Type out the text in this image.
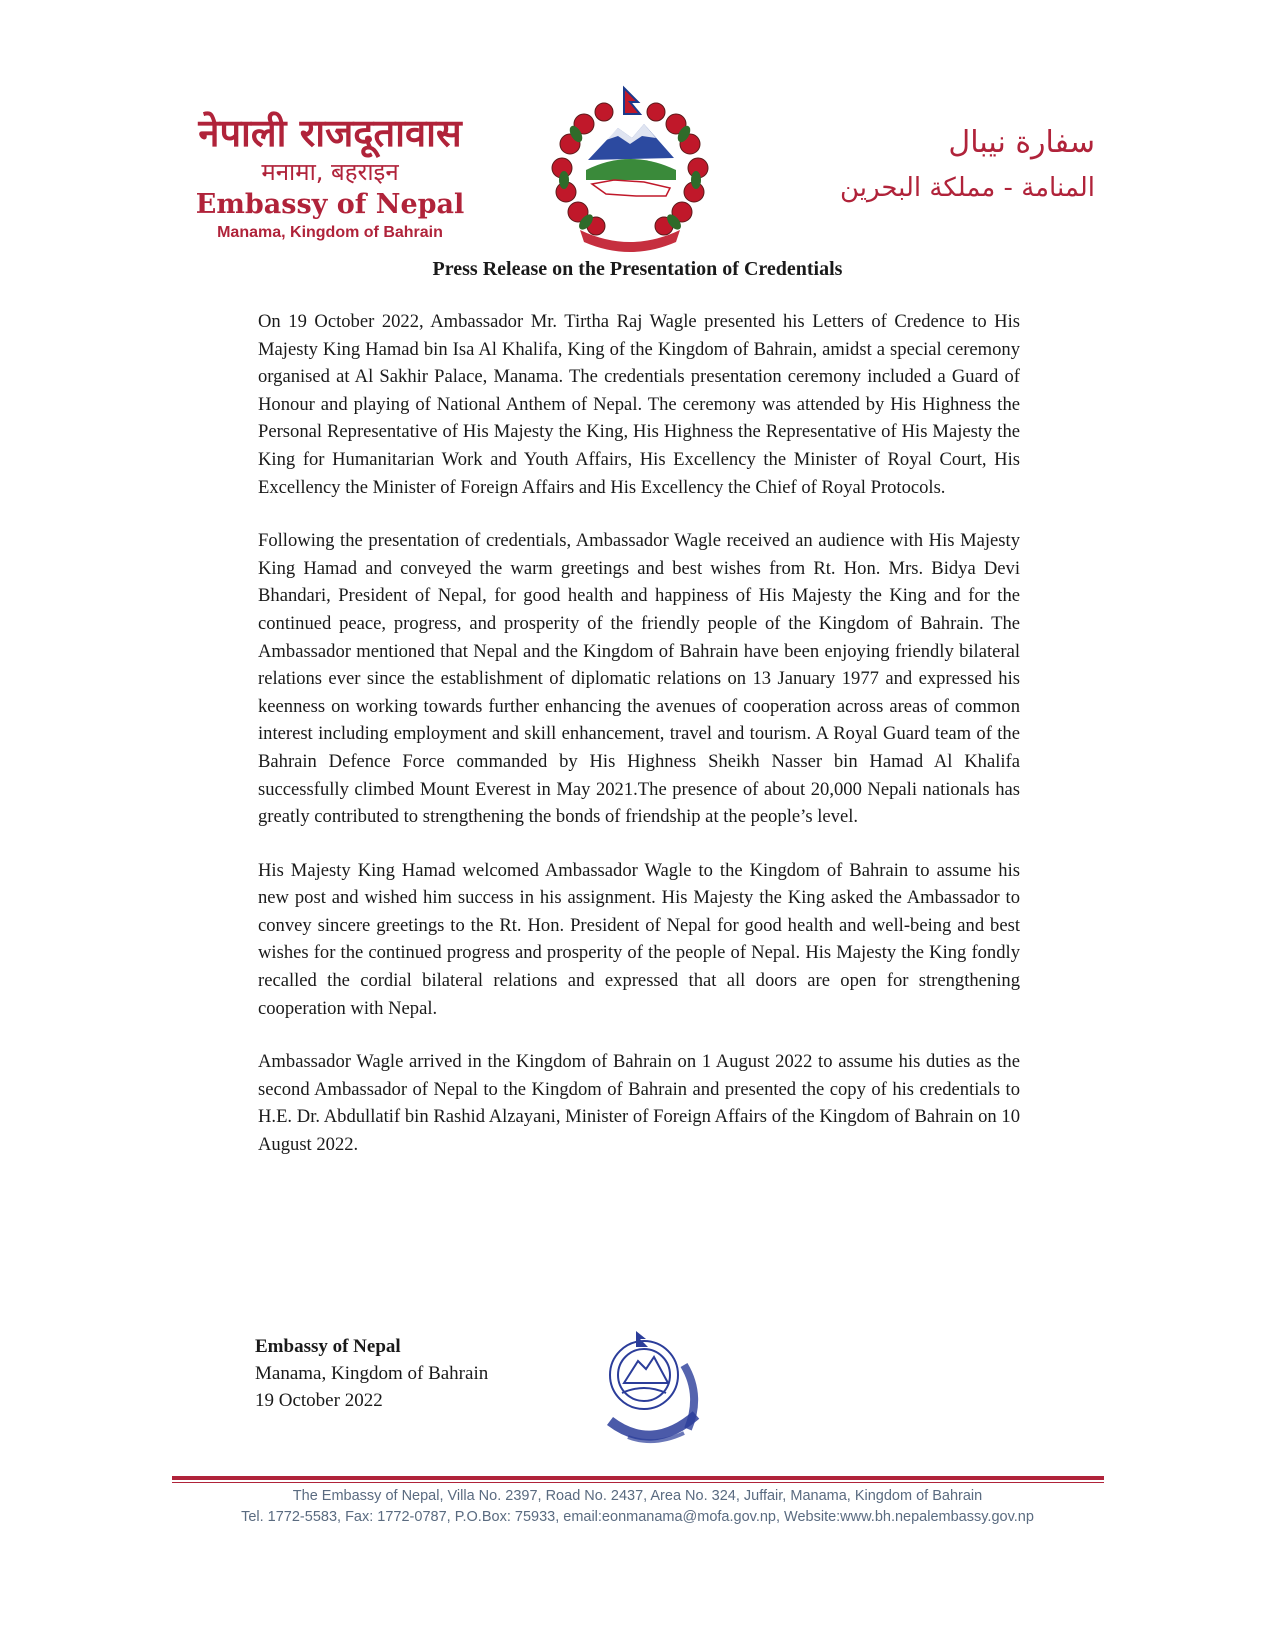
नेपाली राजदूतावास
मनामा, बहराइन
Embassy of Nepal
Manama, Kingdom of Bahrain
سفارة نيبال
المنامة - مملكة البحرين
Press Release on the Presentation of Credentials

On 19 October 2022, Ambassador Mr. Tirtha Raj Wagle presented his Letters of Credence to His Majesty King Hamad bin Isa Al Khalifa, King of the Kingdom of Bahrain, amidst a special ceremony organised at Al Sakhir Palace, Manama. The credentials presentation ceremony included a Guard of Honour and playing of National Anthem of Nepal. The ceremony was attended by His Highness the Personal Representative of His Majesty the King, His Highness the Representative of His Majesty the King for Humanitarian Work and Youth Affairs, His Excellency the Minister of Royal Court, His Excellency the Minister of Foreign Affairs and His Excellency the Chief of Royal Protocols.

Following the presentation of credentials, Ambassador Wagle received an audience with His Majesty King Hamad and conveyed the warm greetings and best wishes from Rt. Hon. Mrs. Bidya Devi Bhandari, President of Nepal, for good health and happiness of His Majesty the King and for the continued peace, progress, and prosperity of the friendly people of the Kingdom of Bahrain. The Ambassador mentioned that Nepal and the Kingdom of Bahrain have been enjoying friendly bilateral relations ever since the establishment of diplomatic relations on 13 January 1977 and expressed his keenness on working towards further enhancing the avenues of cooperation across areas of common interest including employment and skill enhancement, travel and tourism. A Royal Guard team of the Bahrain Defence Force commanded by His Highness Sheikh Nasser bin Hamad Al Khalifa successfully climbed Mount Everest in May 2021.The presence of about 20,000 Nepali nationals has greatly contributed to strengthening the bonds of friendship at the people’s level.

His Majesty King Hamad welcomed Ambassador Wagle to the Kingdom of Bahrain to assume his new post and wished him success in his assignment. His Majesty the King asked the Ambassador to convey sincere greetings to the Rt. Hon. President of Nepal for good health and well-being and best wishes for the continued progress and prosperity of the people of Nepal. His Majesty the King fondly recalled the cordial bilateral relations and expressed that all doors are open for strengthening cooperation with Nepal.

Ambassador Wagle arrived in the Kingdom of Bahrain on 1 August 2022 to assume his duties as the second Ambassador of Nepal to the Kingdom of Bahrain and presented the copy of his credentials to H.E. Dr. Abdullatif bin Rashid Alzayani, Minister of Foreign Affairs of the Kingdom of Bahrain on 10 August 2022.

Embassy of Nepal
Manama, Kingdom of Bahrain
19 October 2022
The Embassy of Nepal, Villa No. 2397, Road No. 2437, Area No. 324, Juffair, Manama, Kingdom of Bahrain
Tel. 1772-5583, Fax: 1772-0787, P.O.Box: 75933, email:eonmanama@mofa.gov.np, Website:www.bh.nepalembassy.gov.np
